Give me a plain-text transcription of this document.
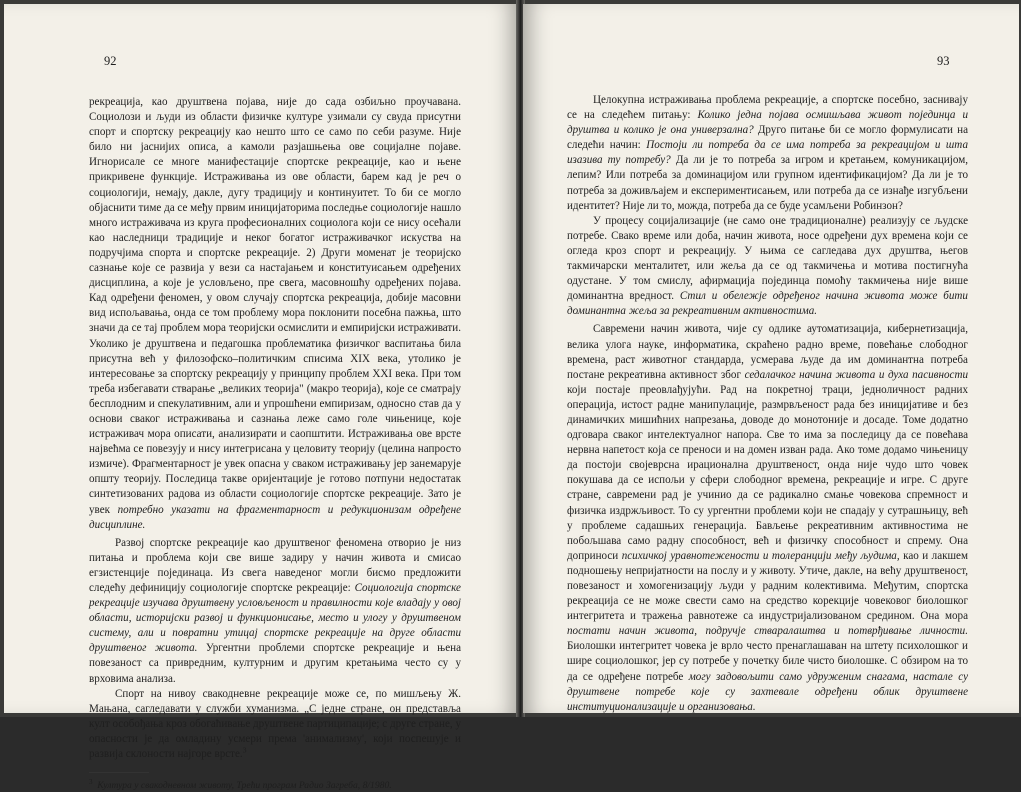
92

рекреација, као друштвена појава, није до сада озбиљно проучавана. Социолози и људи из области физичке културе узимали су свуда присутни спорт и спортску рекреацију као нешто што се само по себи разуме. Није било ни јаснијих описа, а камоли разјашњења ове социјалне појаве. Игнорисале се многе манифестације спортске рекреације, као и њене прикривене функције. Истраживања из ове области, барем кад је реч о социологији, немају, дакле, дугу традицију и континуитет. То би се могло објаснити тиме да се међу првим иницијаторима последње социологије нашло много истраживача из круга професионалних социолога који се нису осећали као наследници традиције и неког богатог истраживачког искуства на подручјима спорта и спортске рекреације. 2) Други моменат је теоријско сазнање које се развија у вези са настајањем и конституисањем одређених дисциплина, а које је условљено, пре свега, масовношћу одређених појава. Кад одређени феномен, у овом случају спортска рекреација, добије масовни вид испољавања, онда се том проблему мора поклонити посебна пажња, што значи да се тај проблем мора теоријски осмислити и емпиријски истраживати. Уколико је друштвена и педагошка проблематика физичког васпитања била присутна већ у филозофско–политичким списима XIX века, утолико је интересовање за спортску рекреацију у принципу проблем XXI века. При том треба избегавати стварање „великих теорија" (макро теорија), које се сматрају бесплодним и спекулативним, али и упрошћени емпиризам, односно став да у основи сваког истраживања и сазнања леже само голе чињенице, које истраживач мора описати, анализирати и саопштити. Истраживања ове врсте највећма се повезују и нису интегрисана у целовиту теорију (целина напросто измиче). Фрагментарност је увек опасна у сваком истраживању јер занемарује општу теорију. Последица такве оријентације је готово потпуни недостатак синтетизованих радова из области социологије спортске рекреације. Зато је увек потребно указати на фрагментарност и редукционизам одређене дисциплине.

Развој спортске рекреације као друштвеног феномена отворио је низ питања и проблема који све више задиру у начин живота и смисао егзистенције појединаца. Из свега наведеног могли бисмо предложити следећу дефиницију социологије спортске рекреације: Социологија спортске рекреације изучава друштвену условљеност и правилности које владају у овој области, историјски развој и функционисање, место и улогу у друштвеном систему, али и повратни утицај спортске рекреације на друге области друштвеног живота. Ургентни проблеми спортске рекреације и њена повезаност са привредним, културним и другим кретањима често су у врховима анализа.

Спорт на нивоу свакодневне рекреације може се, по мишљењу Ж. Мањана, сагледавати у служби хуманизма. „С једне стране, он представља култ особођања кроз обогаћивање друштвене партиципације; с друге стране, у опасности је да омладину усмери према 'анимализму', који поспешује и развија склоности најгоре врсте.$^3$

$^3$ Култура у свакодневном животу, Трећи програм Радио Загреба, 8/1980.

93

Целокупна истраживања проблема рекреације, а спортске посебно, заснивају се на следећем питању: Колико једна појава осмишљава живот појединца и друштва и колико је она универзална? Друго питање би се могло формулисати на следећи начин: Постоји ли потреба да се има потреба за рекреацијом и шта изазива ту потребу? Да ли је то потреба за игром и кретањем, комуникацијом, лепим? Или потреба за доминацијом или групном идентификацијом? Да ли је то потреба за доживљајем и експериментисањем, или потреба да се изнађе изгубљени идентитет? Није ли то, можда, потреба да се буде усамљени Робинзон?

У процесу социјализације (не само оне традиционалне) реализују се људске потребе. Свако време или доба, начин живота, носе одређени дух времена који се огледа кроз спорт и рекреацију. У њима се сагледава дух друштва, његов такмичарски менталитет, или жеља да се од такмичења и мотива постигнућа одустане. У том смислу, афирмација појединца помоћу такмичења није више доминантна вредност. Стил и обележје одређеног начина живота може бити доминантна жеља за рекреативним активностима.

Савремени начин живота, чије су одлике аутоматизација, кибернетизација, велика улога науке, информатика, скраћено радно време, повећање слободног времена, раст животног стандарда, усмерава људе да им доминантна потреба постане рекреативна активност због седалачког начина живота и духа пасивности који постаје преовлађујући. Рад на покретној траци, једноличност радних операција, истост радне манипулације, размрвљеност рада без иницијативе и без динамичких мишићних напрезања, доводе до монотоније и досаде. Томе додатно одговара сваког интелектуалног напора. Све то има за последицу да се повећава нервна напетост која се преноси и на домен изван рада. Ако томе додамо чињеницу да постоји својеврсна ирационална друштвеност, онда није чудо што човек покушава да се испољи у сфери слободног времена, рекреације и игре. С друге стране, савремени рад је учинио да се радикално смање човекова спремност и физичка издржљивост. То су ургентни проблеми који не спадају у сутрашњицу, већ у проблеме садашњих генерација. Бављење рекреативним активностима не побољшава само радну способност, већ и физичку способност и спрему. Она доприноси психичкој уравнотежености и толеранцији међу људима, као и лакшем подношењу непријатности на послу и у животу. Утиче, дакле, на већу друштвеност, повезаност и хомогенизацију људи у радним колективима. Међутим, спортска рекреација се не може свести само на средство корекције човековог биолошког интегритета и тражења равнотеже са индустријализованом средином. Она мора постати начин живота, подручје стваралаштва и потврђивање личности. Биолошки интегритет човека је врло често пренаглашаван на штету психолошког и шире социолошког, јер су потребе у почетку биле чисто биолошке. С обзиром на то да се одређене потребе могу задовољити само удруженим снагама, настале су друштвене потребе које су захтевале одређени облик друштвене институционализације и организовања.
